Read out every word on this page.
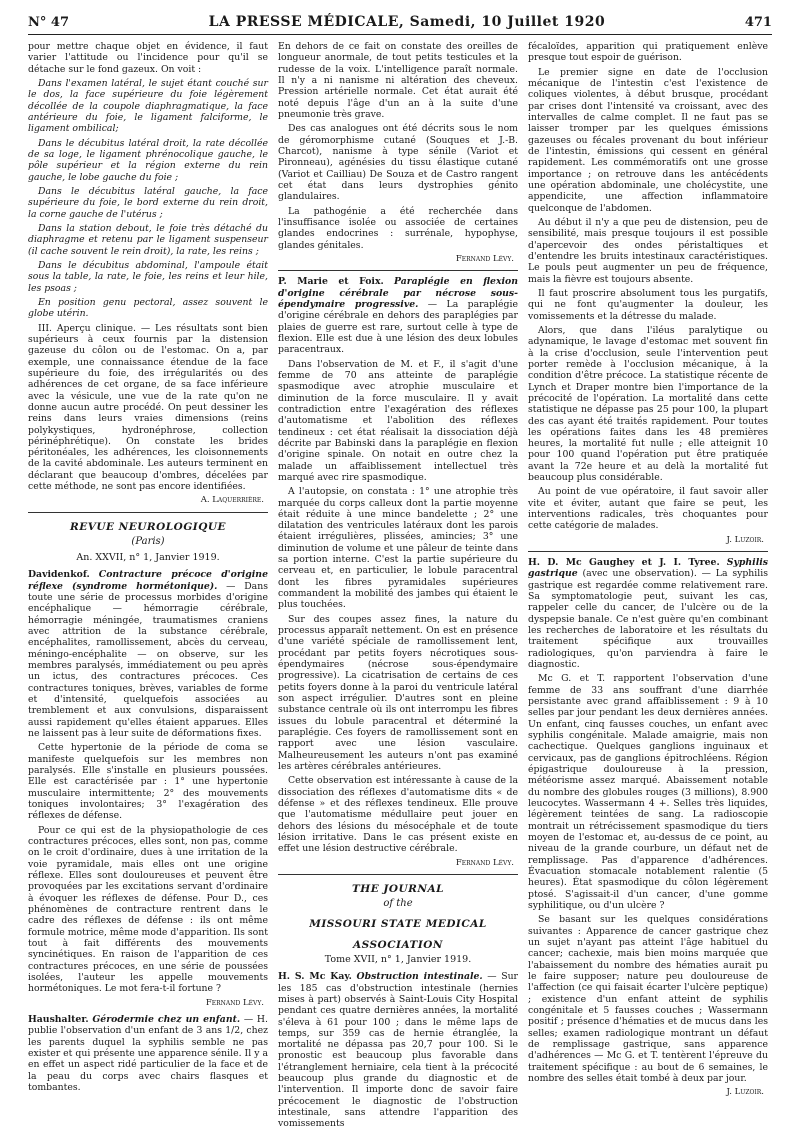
N° 47	LA PRESSE MÉDICALE, Samedi, 10 Juillet 1920	471

pour mettre chaque objet en évidence, il faut varier l'attitude ou l'incidence pour qu'il se détache sur le fond gazeux. On voit :

Dans l'examen latéral, le sujet étant couché sur le dos, la face supérieure du foie légèrement décollée de la coupole diaphragmatique, la face antérieure du foie, le ligament falciforme, le ligament ombilical;

Dans le décubitus latéral droit, la rate décollée de sa loge, le ligament phrénocolique gauche, le pôle supérieur et la région externe du rein gauche, le lobe gauche du foie ;

Dans le décubitus latéral gauche, la face supérieure du foie, le bord externe du rein droit, la corne gauche de l'utérus ;

Dans la station debout, le foie très détaché du diaphragme et retenu par le ligament suspenseur (il cache souvent le rein droit), la rate, les reins ;

Dans le décubitus abdominal, l'ampoule était sous la table, la rate, le foie, les reins et leur hile, les psoas ;

En position genu pectoral, assez souvent le globe utérin.

III. Aperçu clinique. — Les résultats sont bien supérieurs à ceux fournis par la distension gazeuse du côlon ou de l'estomac. On a, par exemple, une connaissance étendue de la face supérieure du foie, des irrégularités ou des adhérences de cet organe, de sa face inférieure avec la vésicule, une vue de la rate qu'on ne donne aucun autre procédé. On peut dessiner les reins dans leurs vraies dimensions (reins polykystiques, hydronéphrose, collection périnéphrétique). On constate les brides péritonéales, les adhérences, les cloisonnements de la cavité abdominale. Les auteurs terminent en déclarant que beaucoup d'ombres, décelées par cette méthode, ne sont pas encore identifiées.

A. Laquerrière.
REVUE NEUROLOGIQUE
(Paris)
An. XXVII, n° 1, Janvier 1919.

Davidenkof. Contracture précoce d'origine réflexe (syndrome hormétonique). — Dans toute une série de processus morbides d'origine encéphalique — hémorragie cérébrale, hémorragie méningée, traumatismes craniens avec attrition de la substance cérébrale, encéphalites, ramollissement, abcès du cerveau, méningo-encéphalite — on observe, sur les membres paralysés, immédiatement ou peu après un ictus, des contractures précoces. Ces contractures toniques, brèves, variables de forme et d'intensité, quelquefois associées au tremblement et aux convulsions, disparaissent aussi rapidement qu'elles étaient apparues. Elles ne laissent pas à leur suite de déformations fixes.

Cette hypertonie de la période de coma se manifeste quelquefois sur les membres non paralysés. Elle s'installe en plusieurs poussées. Elle est caractérisée par : 1° une hypertonie musculaire intermittente; 2° des mouvements toniques involontaires; 3° l'exagération des réflexes de défense.

Pour ce qui est de la physiopathologie de ces contractures précoces, elles sont, non pas, comme on le croit d'ordinaire, dues à une irritation de la voie pyramidale, mais elles ont une origine réflexe. Elles sont douloureuses et peuvent être provoquées par les excitations servant d'ordinaire à évoquer les réflexes de défense. Pour D., ces phénomènes de contracture rentrent dans le cadre des réflexes de défense : ils ont même formule motrice, même mode d'apparition. Ils sont tout à fait différents des mouvements syncinétiques. En raison de l'apparition de ces contractures précoces, en une série de poussées isolées, l'auteur les appelle mouvements hormétoniques. Le mot fera-t-il fortune ?

Fernand Lévy.

Haushalter. Gérodermie chez un enfant. — H. publie l'observation d'un enfant de 3 ans 1/2, chez les parents duquel la syphilis semble ne pas exister et qui présente une apparence sénile. Il y a en effet un aspect ridé particulier de la face et de la peau du corps avec chairs flasques et tombantes.

En dehors de ce fait on constate des oreilles de longueur anormale, de tout petits testicules et la rudesse de la voix. L'intelligence paraît normale. Il n'y a ni nanisme ni altération des cheveux. Pression artérielle normale. Cet état aurait été noté depuis l'âge d'un an à la suite d'une pneumonie très grave.

Des cas analogues ont été décrits sous le nom de géromorphisme cutané (Souques et J.-B. Charcot), nanisme à type sénile (Variot et Pironneau), agénésies du tissu élastique cutané (Variot et Cailliau) De Souza et de Castro rangent cet état dans leurs dystrophies génito glandulaires.

La pathogénie a été recherchée dans l'insuffisance isolée ou associée de certaines glandes endocrines : surrénale, hypophyse, glandes génitales.

Fernand Lévy.

P. Marie et Foix. Paraplégie en flexion d'origine cérébrale par nécrose sous-épendymaire progressive. — La paraplégie d'origine cérébrale en dehors des paraplégies par plaies de guerre est rare, surtout celle à type de flexion. Elle est due à une lésion des deux lobules paracentraux.

Dans l'observation de M. et F., il s'agit d'une femme de 70 ans atteinte de paraplégie spasmodique avec atrophie musculaire et diminution de la force musculaire. Il y avait contradiction entre l'exagération des réflexes d'automatisme et l'abolition des réflexes tendineux : cet état réalisait la dissociation déjà décrite par Babinski dans la paraplégie en flexion d'origine spinale. On notait en outre chez la malade un affaiblissement intellectuel très marqué avec rire spasmodique.

A l'autopsie, on constata : 1° une atrophie très marquée du corps calleux dont la partie moyenne était réduite à une mince bandelette ; 2° une dilatation des ventricules latéraux dont les parois étaient irrégulières, plissées, amincies; 3° une diminution de volume et une pâleur de teinte dans sa portion interne. C'est la partie supérieure du cerveau et, en particulier, le lobule paracentral dont les fibres pyramidales supérieures commandent la mobilité des jambes qui étaient le plus touchées.

Sur des coupes assez fines, la nature du processus apparaît nettement. On est en présence d'une variété spéciale de ramollissement lent, procédant par petits foyers nécrotiques sous-épendymaires (nécrose sous-épendymaire progressive). La cicatrisation de certains de ces petits foyers donne à la paroi du ventricule latéral son aspect irrégulier. D'autres sont en pleine substance centrale où ils ont interrompu les fibres issues du lobule paracentral et déterminé la paraplégie. Ces foyers de ramollissement sont en rapport avec une lésion vasculaire. Malheureusement les auteurs n'ont pas examiné les artères cérébrales antérieures.

Cette observation est intéressante à cause de la dissociation des réflexes d'automatisme dits « de défense » et des réflexes tendineux. Elle prouve que l'automatisme médullaire peut jouer en dehors des lésions du mésocéphale et de toute lésion irritative. Dans le cas présent existe en effet une lésion destructive cérébrale.

Fernand Lévy.
THE JOURNAL
of the
MISSOURI STATE MEDICAL
ASSOCIATION
Tome XVII, n° 1, Janvier 1919.

H. S. Mc Kay. Obstruction intestinale. — Sur les 185 cas d'obstruction intestinale (hernies mises à part) observés à Saint-Louis City Hospital pendant ces quatre dernières années, la mortalité s'éleva à 61 pour 100 ; dans le même laps de temps, sur 359 cas de hernie étranglée, la mortalité ne dépassa pas 20,7 pour 100. Si le pronostic est beaucoup plus favorable dans l'étranglement herniaire, cela tient à la précocité beaucoup plus grande du diagnostic et de l'intervention. Il importe donc de savoir faire précocement le diagnostic de l'obstruction intestinale, sans attendre l'apparition des vomissements

fécaloïdes, apparition qui pratiquement enlève presque tout espoir de guérison.

Le premier signe en date de l'occlusion mécanique de l'intestin c'est l'existence de coliques violentes, à début brusque, procédant par crises dont l'intensité va croissant, avec des intervalles de calme complet. Il ne faut pas se laisser tromper par les quelques émissions gazeuses ou fécales provenant du bout inférieur de l'intestin, émissions qui cessent en général rapidement. Les commémoratifs ont une grosse importance ; on retrouve dans les antécédents une opération abdominale, une cholécystite, une appendicite, une affection inflammatoire quelconque de l'abdomen.

Au début il n'y a que peu de distension, peu de sensibilité, mais presque toujours il est possible d'apercevoir des ondes péristaltiques et d'entendre les bruits intestinaux caractéristiques. Le pouls peut augmenter un peu de fréquence, mais la fièvre est toujours absente.

Il faut proscrire absolument tous les purgatifs, qui ne font qu'augmenter la douleur, les vomissements et la détresse du malade.

Alors, que dans l'iléus paralytique ou adynamique, le lavage d'estomac met souvent fin à la crise d'occlusion, seule l'intervention peut porter remède à l'occlusion mécanique, à la condition d'être précoce. La statistique récente de Lynch et Draper montre bien l'importance de la précocité de l'opération. La mortalité dans cette statistique ne dépasse pas 25 pour 100, la plupart des cas ayant été traités rapidement. Pour toutes les opérations faites dans les 48 premières heures, la mortalité fut nulle ; elle atteignit 10 pour 100 quand l'opération put être pratiquée avant la 72e heure et au delà la mortalité fut beaucoup plus considérable.

Au point de vue opératoire, il faut savoir aller vite et éviter, autant que faire se peut, les interventions radicales, très choquantes pour cette catégorie de malades.

J. Luzoir.

H. D. Mc Gaughey et J. I. Tyree. Syphilis gastrique (avec une observation). — La syphilis gastrique est regardée comme relativement rare. Sa symptomatologie peut, suivant les cas, rappeler celle du cancer, de l'ulcère ou de la dyspepsie banale. Ce n'est guère qu'en combinant les recherches de laboratoire et les résultats du traitement spécifique aux trouvailles radiologiques, qu'on parviendra à faire le diagnostic.

Mc G. et T. rapportent l'observation d'une femme de 33 ans souffrant d'une diarrhée persistante avec grand affaiblissement : 9 à 10 selles par jour pendant les deux dernières années. Un enfant, cinq fausses couches, un enfant avec syphilis congénitale. Malade amaigrie, mais non cachectique. Quelques ganglions inguinaux et cervicaux, pas de ganglions épitrochléens. Région épigastrique douloureuse à la pression, météorisme assez marqué. Abaissement notable du nombre des globules rouges (3 millions), 8.900 leucocytes. Wassermann 4 +. Selles très liquides, légèrement teintées de sang. La radioscopie montrait un rétrécissement spasmodique du tiers moyen de l'estomac et, au-dessus de ce point, au niveau de la grande courbure, un défaut net de remplissage. Pas d'apparence d'adhérences. Évacuation stomacale notablement ralentie (5 heures). État spasmodique du côlon légèrement ptosé. S'agissait-il d'un cancer, d'une gomme syphilitique, ou d'un ulcère ?

Se basant sur les quelques considérations suivantes : Apparence de cancer gastrique chez un sujet n'ayant pas atteint l'âge habituel du cancer; cachexie, mais bien moins marquée que l'abaissement du nombre des hématies aurait pu le faire supposer; nature peu douloureuse de l'affection (ce qui faisait écarter l'ulcère peptique) ; existence d'un enfant atteint de syphilis congénitale et 5 fausses couches ; Wassermann positif ; présence d'hématies et de mucus dans les selles; examen radiologique montrant un défaut de remplissage gastrique, sans apparence d'adhérences — Mc G. et T. tentèrent l'épreuve du traitement spécifique : au bout de 6 semaines, le nombre des selles était tombé à deux par jour.

J. Luzoir.
